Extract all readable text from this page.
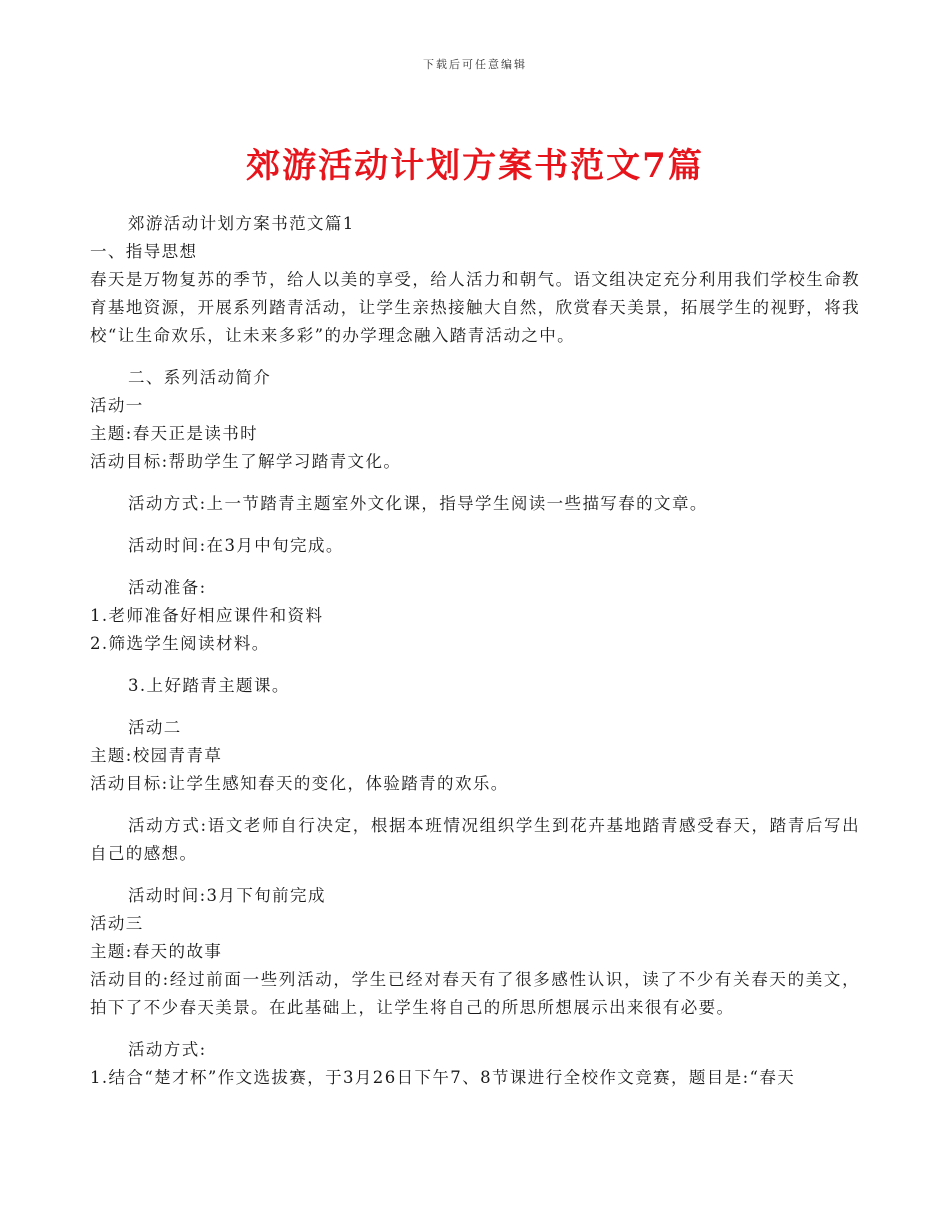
下载后可任意编辑
郊游活动计划方案书范文7篇
郊游活动计划方案书范文篇1
一、指导思想
春天是万物复苏的季节，给人以美的享受，给人活力和朝气。语文组决定充分利用我们学校生命教育基地资源，开展系列踏青活动，让学生亲热接触大自然，欣赏春天美景，拓展学生的视野，将我校“让生命欢乐，让未来多彩”的办学理念融入踏青活动之中。
二、系列活动简介
活动一
主题:春天正是读书时
活动目标:帮助学生了解学习踏青文化。
活动方式:上一节踏青主题室外文化课，指导学生阅读一些描写春的文章。
活动时间:在3月中旬完成。
活动准备:
1.老师准备好相应课件和资料
2.筛选学生阅读材料。
3.上好踏青主题课。
活动二
主题:校园青青草
活动目标:让学生感知春天的变化，体验踏青的欢乐。
活动方式:语文老师自行决定，根据本班情况组织学生到花卉基地踏青感受春天，踏青后写出自己的感想。
活动时间:3月下旬前完成
活动三
主题:春天的故事
活动目的:经过前面一些列活动，学生已经对春天有了很多感性认识，读了不少有关春天的美文，拍下了不少春天美景。在此基础上，让学生将自己的所思所想展示出来很有必要。
活动方式:
1.结合“楚才杯”作文选拔赛，于3月26日下午7、8节课进行全校作文竞赛，题目是:“春天
